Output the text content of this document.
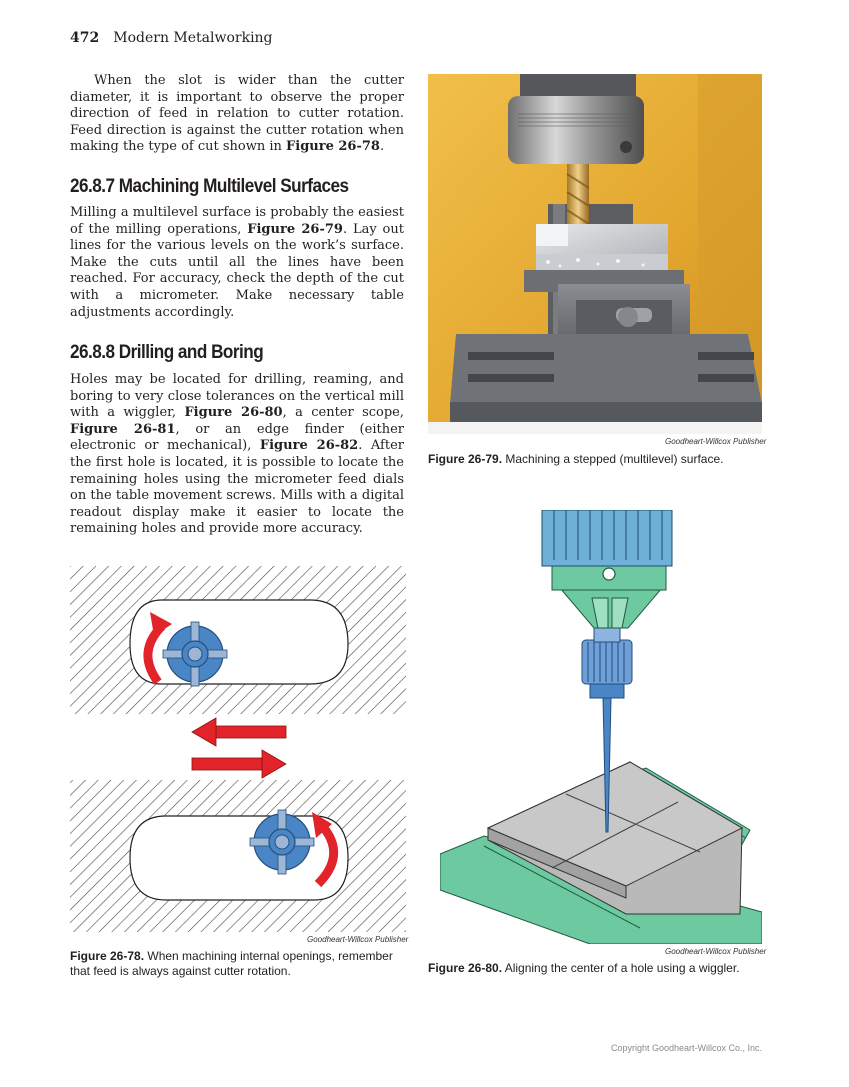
472 Modern Metalworking

When the slot is wider than the cutter diameter, it is important to observe the proper direction of feed in relation to cutter rotation. Feed direction is against the cutter rotation when making the type of cut shown in Figure 26-78.

26.8.7 Machining Multilevel Surfaces

Milling a multilevel surface is probably the easiest of the milling operations, Figure 26-79. Lay out lines for the various levels on the work’s surface. Make the cuts until all the lines have been reached. For accuracy, check the depth of the cut with a micrometer. Make necessary table adjustments accordingly.

26.8.8 Drilling and Boring

Holes may be located for drilling, reaming, and boring to very close tolerances on the vertical mill with a wiggler, Figure 26-80, a center scope, Figure 26-81, or an edge finder (either electronic or mechanical), Figure 26-82. After the first hole is located, it is possible to locate the remaining holes using the micrometer feed dials on the table movement screws. Mills with a digital readout display make it easier to locate the remaining holes and provide more accuracy.

Goodheart-Willcox Publisher
Figure 26-79. Machining a stepped (multilevel) surface.
Goodheart-Willcox Publisher
Figure 26-78. When machining internal openings, remember that feed is always against cutter rotation.
Goodheart-Willcox Publisher
Figure 26-80. Aligning the center of a hole using a wiggler.
Copyright Goodheart-Willcox Co., Inc.
